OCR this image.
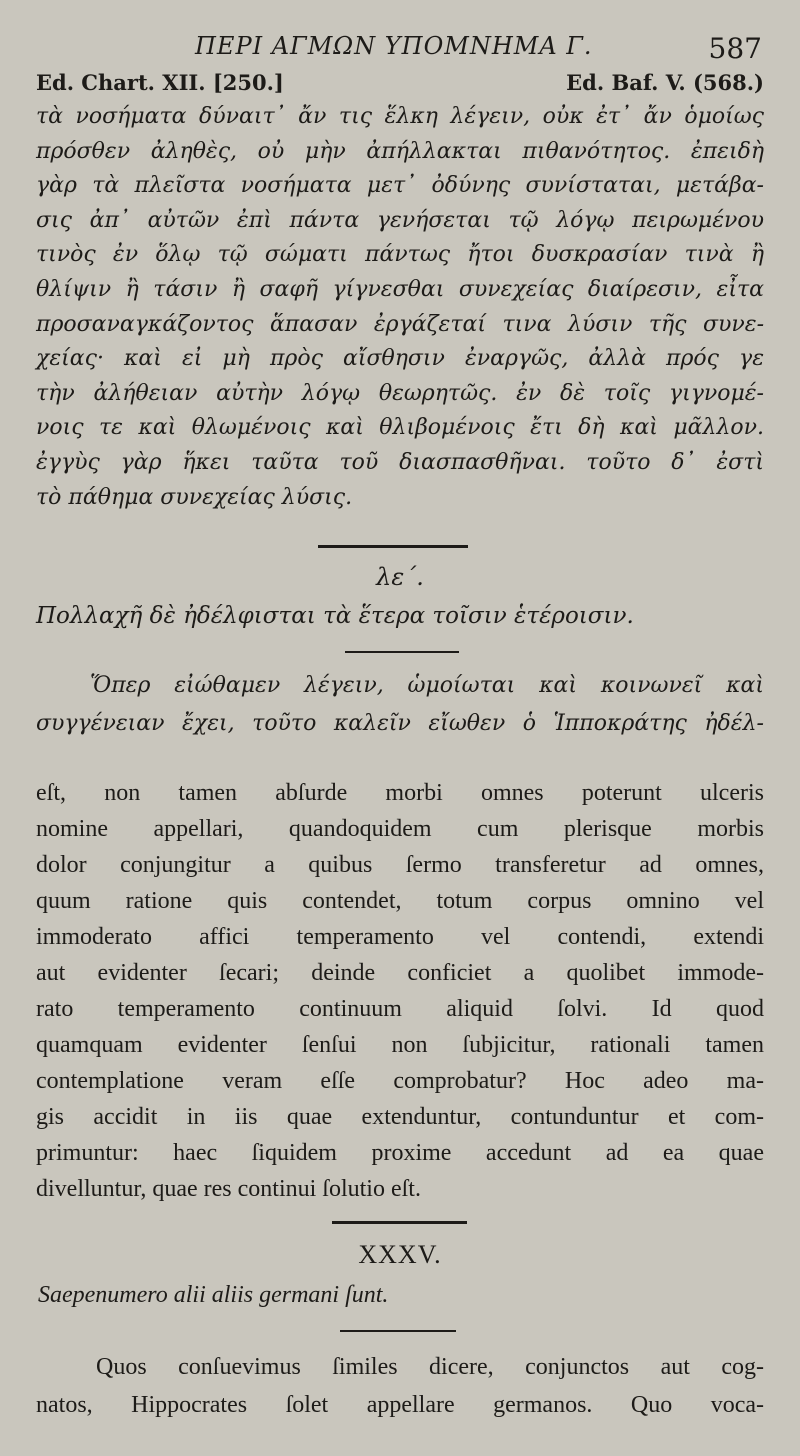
ΠΕΡΙ ΑΓΜΩΝ ΥΠΟΜΝΗΜΑ Γ.	587
Ed. Chart. XII. [250.]	Ed. Baf. V. (568.)
τὰ νοσήματα δύναιτ᾽ ἄν τις ἕλκη λέγειν, οὐκ ἐτ᾽ ἄν ὁμοίως
πρόσθεν ἀληθὲς, οὐ μὴν ἀπήλλακται πιθανότητος. ἐπειδὴ
γὰρ τὰ πλεῖστα νοσήματα μετ᾽ ὀδύνης συνίσταται, μετάβα-
σις ἀπ᾽ αὐτῶν ἐπὶ πάντα γενήσεται τῷ λόγῳ πειρωμένου
τινὸς ἐν ὅλῳ τῷ σώματι πάντως ἤτοι δυσκρασίαν τινὰ ἢ
θλίψιν ἢ τάσιν ἢ σαφῆ γίγνεσθαι συνεχείας διαίρεσιν, εἶτα
προσαναγκάζοντος ἅπασαν ἐργάζεταί τινα λύσιν τῆς συνε-
χείας· καὶ εἰ μὴ πρὸς αἴσθησιν ἐναργῶς, ἀλλὰ πρός γε
τὴν ἀλήθειαν αὐτὴν λόγῳ θεωρητῶς. ἐν δὲ τοῖς γιγνομέ-
νοις τε καὶ θλωμένοις καὶ θλιβομένοις ἔτι δὴ καὶ μᾶλλον.
ἐγγὺς γὰρ ἥκει ταῦτα τοῦ διασπασθῆναι. τοῦτο δ᾽ ἐστὶ
τὸ πάθημα συνεχείας λύσις.
λε΄.
Πολλαχῆ δὲ ἠδέλφισται τὰ ἕτερα τοῖσιν ἑτέροισιν.
Ὅπερ εἰώθαμεν λέγειν, ὡμοίωται καὶ κοινωνεῖ καὶ
συγγένειαν ἔχει, τοῦτο καλεῖν εἴωθεν ὁ Ἱπποκράτης ἠδέλ-
eſt, non tamen abſurde morbi omnes poterunt ulceris
nomine appellari, quandoquidem cum plerisque morbis
dolor conjungitur a quibus ſermo transferetur ad omnes,
quum ratione quis contendet, totum corpus omnino vel
immoderato affici temperamento vel contendi, extendi
aut evidenter ſecari; deinde conficiet a quolibet immode-
rato temperamento continuum aliquid ſolvi. Id quod
quamquam evidenter ſenſui non ſubjicitur, rationali tamen
contemplatione veram eſſe comprobatur? Hoc adeo ma-
gis accidit in iis quae extenduntur, contunduntur et com-
primuntur: haec ſiquidem proxime accedunt ad ea quae
divelluntur, quae res continui ſolutio eſt.
XXXV.
Saepenumero alii aliis germani ſunt.
Quos conſuevimus ſimiles dicere, conjunctos aut cog-
natos, Hippocrates ſolet appellare germanos. Quo voca-
